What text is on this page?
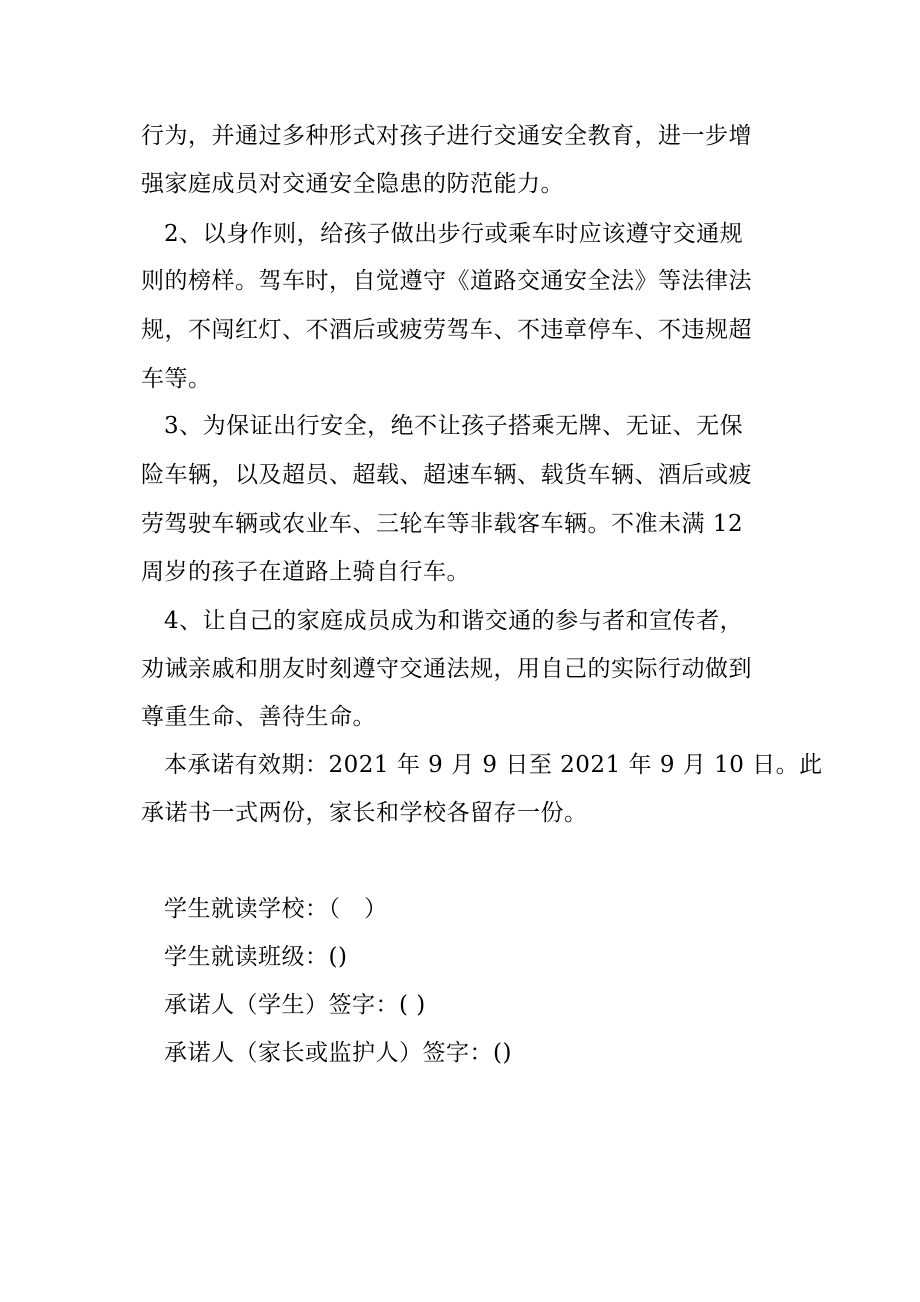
行为，并通过多种形式对孩子进行交通安全教育，进一步增
强家庭成员对交通安全隐患的防范能力。
2、以身作则，给孩子做出步行或乘车时应该遵守交通规
则的榜样。驾车时，自觉遵守《道路交通安全法》等法律法
规，不闯红灯、不酒后或疲劳驾车、不违章停车、不违规超
车等。
3、为保证出行安全，绝不让孩子搭乘无牌、无证、无保
险车辆，以及超员、超载、超速车辆、载货车辆、酒后或疲
劳驾驶车辆或农业车、三轮车等非载客车辆。不准未满 12
周岁的孩子在道路上骑自行车。
4、让自己的家庭成员成为和谐交通的参与者和宣传者，
劝诫亲戚和朋友时刻遵守交通法规，用自己的实际行动做到
尊重生命、善待生命。
本承诺有效期：2021 年 9 月 9 日至 2021 年 9 月 10 日。此
承诺书一式两份，家长和学校各留存一份。
学生就读学校：（　）
学生就读班级：()
承诺人（学生）签字：( )
承诺人（家长或监护人）签字：()
